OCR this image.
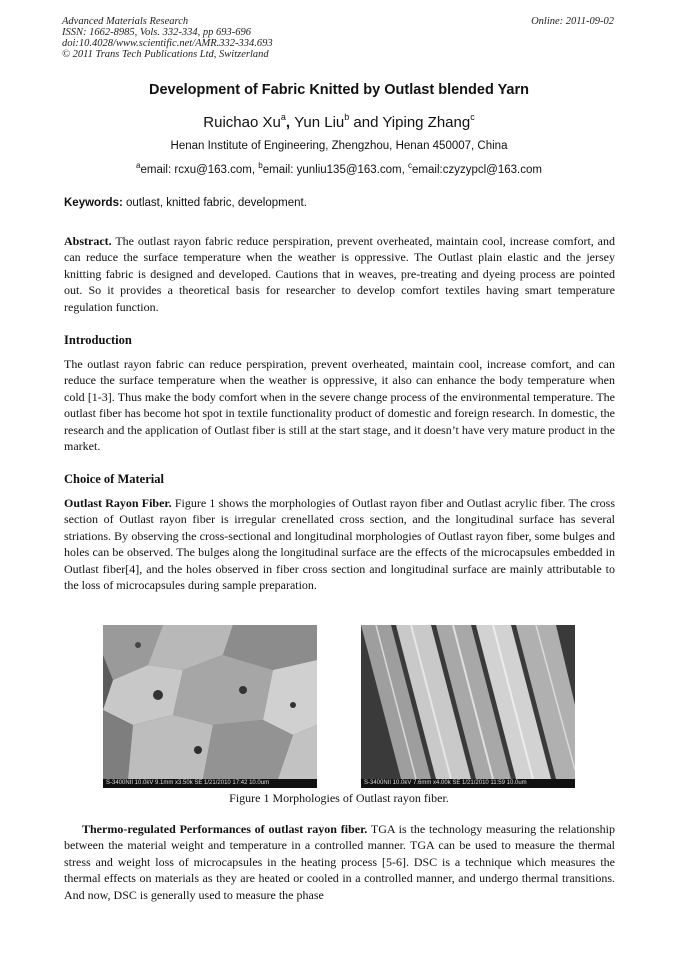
Advanced Materials Research
ISSN: 1662-8985, Vols. 332-334, pp 693-696
doi:10.4028/www.scientific.net/AMR.332-334.693
© 2011 Trans Tech Publications Ltd, Switzerland
Online: 2011-09-02
Development of Fabric Knitted by Outlast blended Yarn
Ruichao Xu$^a$, Yun Liu$^b$ and Yiping Zhang$^c$
Henan Institute of Engineering, Zhengzhou, Henan 450007, China
$^a$email: rcxu@163.com, $^b$email: yunliu135@163.com, $^c$email:czyzypcl@163.com
Keywords: outlast, knitted fabric, development.
Abstract. The outlast rayon fabric reduce perspiration, prevent overheated, maintain cool, increase comfort, and can reduce the surface temperature when the weather is oppressive. The Outlast plain elastic and the jersey knitting fabric is designed and developed. Cautions that in weaves, pre-treating and dyeing process are pointed out. So it provides a theoretical basis for researcher to develop comfort textiles having smart temperature regulation function.
Introduction
The outlast rayon fabric can reduce perspiration, prevent overheated, maintain cool, increase comfort, and can reduce the surface temperature when the weather is oppressive, it also can enhance the body temperature when cold [1-3]. Thus make the body comfort when in the severe change process of the environmental temperature. The outlast fiber has become hot spot in textile functionality product of domestic and foreign research. In domestic, the research and the application of Outlast fiber is still at the start stage, and it doesn’t have very mature product in the market.
Choice of Material
Outlast Rayon Fiber. Figure 1 shows the morphologies of Outlast rayon fiber and Outlast acrylic fiber. The cross section of Outlast rayon fiber is irregular crenellated cross section, and the longitudinal surface has several striations. By observing the cross-sectional and longitudinal morphologies of Outlast rayon fiber, some bulges and holes can be observed. The bulges along the longitudinal surface are the effects of the microcapsules embedded in Outlast fiber[4], and the holes observed in fiber cross section and longitudinal surface are mainly attributable to the loss of microcapsules during sample preparation.
S-3400NII 10.0kV 9.1mm x3.50k SE 1/21/2010 17:42 10.0um	S-3400NII 10.0kV 7.6mm x4.00k SE 1/21/2010 11:59 10.0um
Figure 1 Morphologies of Outlast rayon fiber.
Thermo-regulated Performances of outlast rayon fiber. TGA is the technology measuring the relationship between the material weight and temperature in a controlled manner. TGA can be used to measure the thermal stress and weight loss of microcapsules in the heating process [5-6]. DSC is a technique which measures the thermal effects on materials as they are heated or cooled in a controlled manner, and undergo thermal transitions. And now, DSC is generally used to measure the phase
